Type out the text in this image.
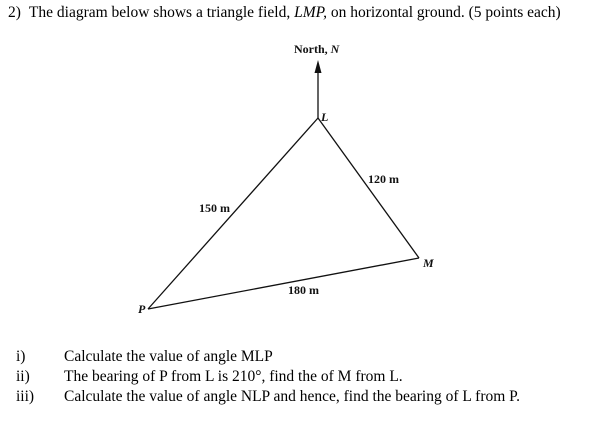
2) The diagram below shows a triangle field, LMP, on horizontal ground. (5 points each)
North, N
L
M
P
150 m
120 m
180 m
i) Calculate the value of angle MLP
ii) The bearing of P from L is 210°, find the of M from L.
iii) Calculate the value of angle NLP and hence, find the bearing of L from P.
